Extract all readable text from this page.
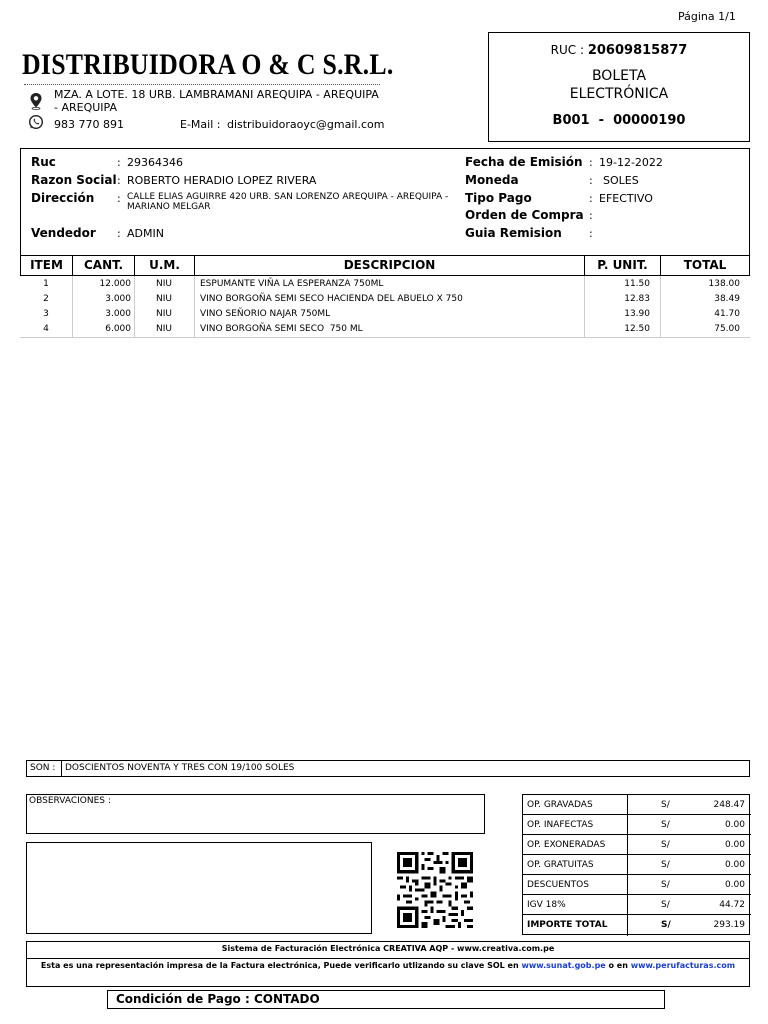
Página 1/1
DISTRIBUIDORA O & C S.R.L.
MZA. A LOTE. 18 URB. LAMBRAMANI AREQUIPA - AREQUIPA - AREQUIPA
983 770 891	E-Mail : distribuidoraoyc@gmail.com
RUC : 20609815877
BOLETA
ELECTRÓNICA
B001  -  00000190
Ruc	: 29364346
Razon Social : ROBERTO HERADIO LOPEZ RIVERA
Dirección : CALLE ELIAS AGUIRRE 420 URB. SAN LORENZO AREQUIPA - AREQUIPA - MARIANO MELGAR
Vendedor : ADMIN
Fecha de Emisión : 19-12-2022
Moneda	: SOLES
Tipo Pago	: EFECTIVO
Orden de Compra :
Guia Remision :
ITEM	CANT.	U.M.	DESCRIPCION	P. UNIT.	TOTAL
1	12.000	NIU	ESPUMANTE VIÑA LA ESPERANZA 750ML	11.50	138.00
2	3.000	NIU	VINO BORGOÑA SEMI SECO HACIENDA DEL ABUELO X 750	12.83	38.49
3	3.000	NIU	VINO SEÑORIO NAJAR 750ML	13.90	41.70
4	6.000	NIU	VINO BORGOÑA SEMI SECO  750 ML	12.50	75.00
SON : DOSCIENTOS NOVENTA Y TRES CON 19/100 SOLES
OBSERVACIONES :	OP. GRAVADAS	S/	248.47
OP. INAFECTAS	S/	0.00
OP. EXONERADAS	S/	0.00
OP. GRATUITAS	S/	0.00
DESCUENTOS	S/	0.00
IGV 18%	S/	44.72
IMPORTE TOTAL	S/	293.19
Sistema de Facturación Electrónica CREATIVA AQP - www.creativa.com.pe
Esta es una representación impresa de la Factura electrónica, Puede verificarlo utlizando su clave SOL en www.sunat.gob.pe o en www.perufacturas.com
Condición de Pago : CONTADO
